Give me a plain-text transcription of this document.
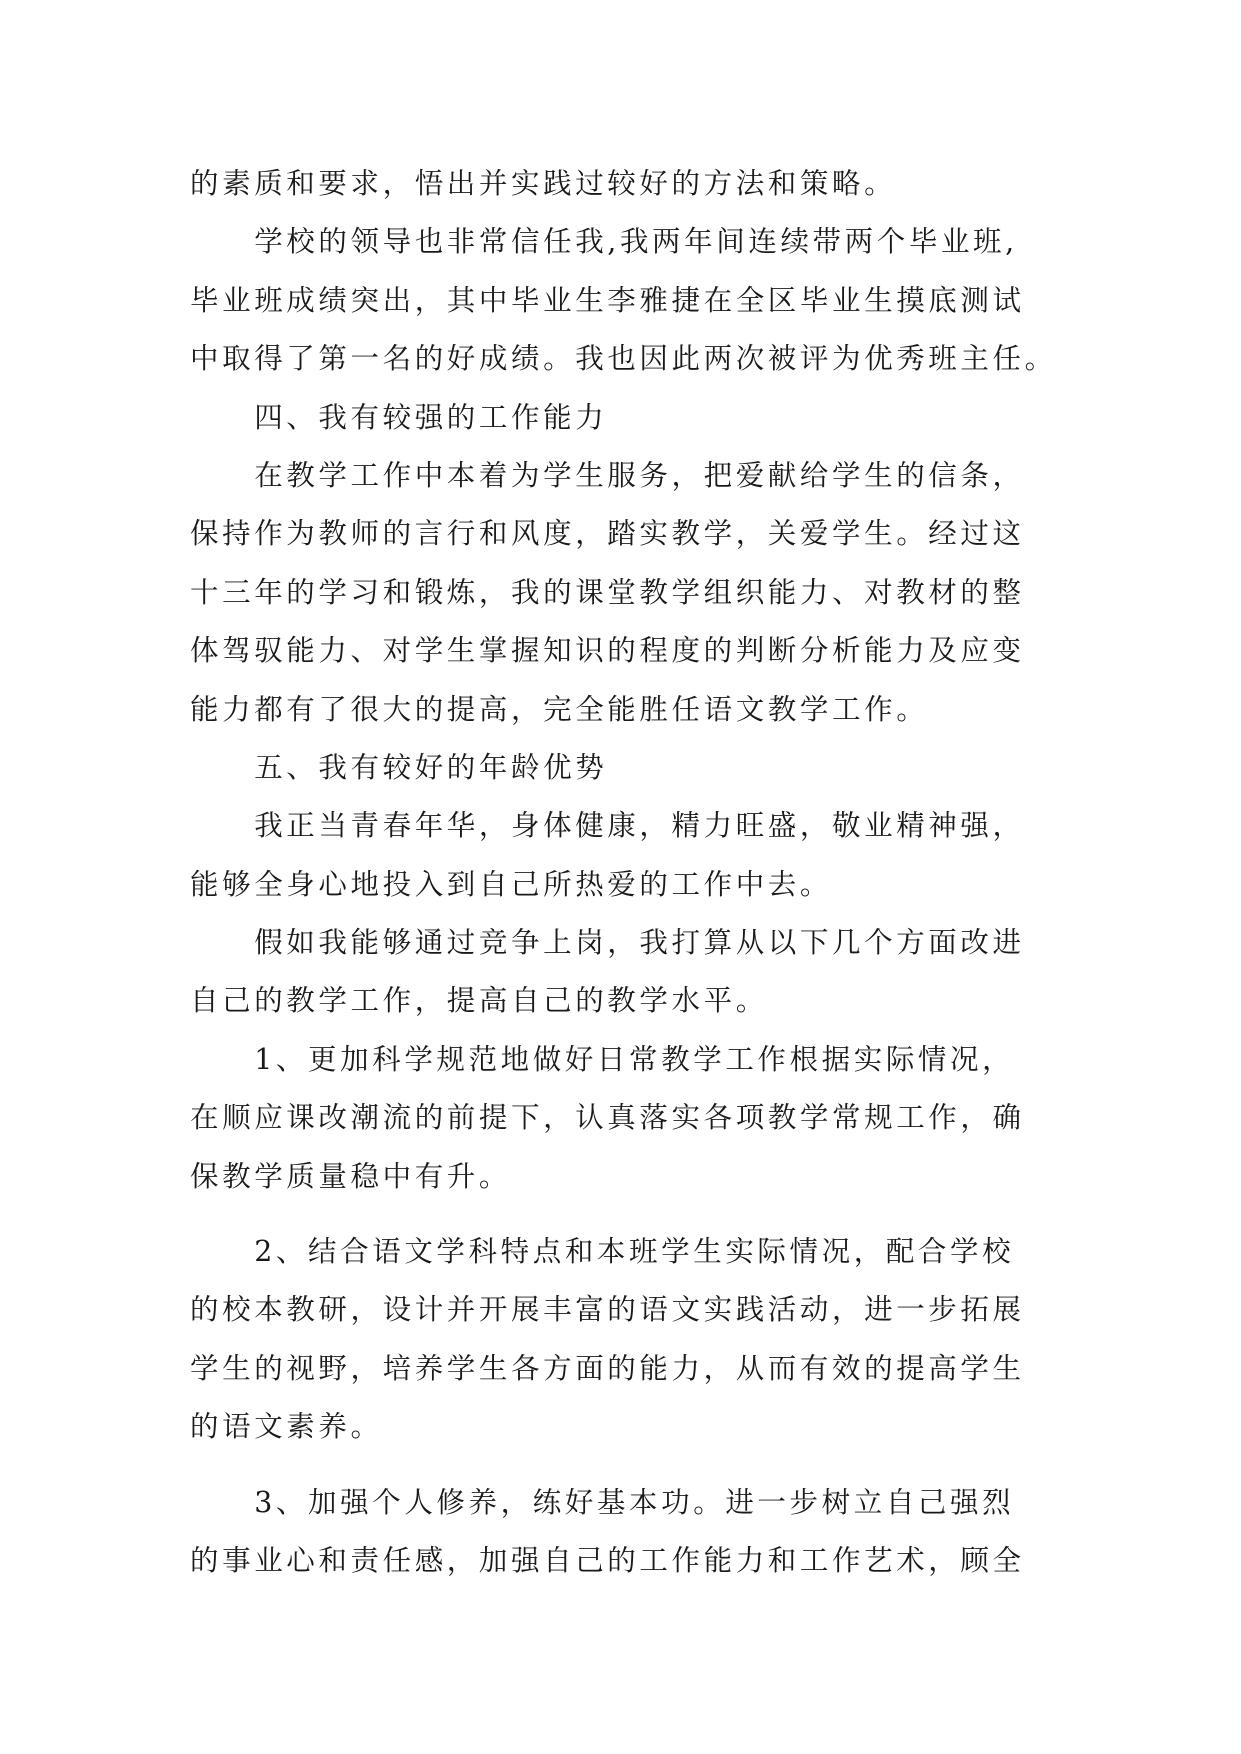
的素质和要求，悟出并实践过较好的方法和策略。
　　学校的领导也非常信任我,我两年间连续带两个毕业班,
毕业班成绩突出，其中毕业生李雅捷在全区毕业生摸底测试
中取得了第一名的好成绩。我也因此两次被评为优秀班主任。
　　四、我有较强的工作能力
　　在教学工作中本着为学生服务，把爱献给学生的信条，
保持作为教师的言行和风度，踏实教学，关爱学生。经过这
十三年的学习和锻炼，我的课堂教学组织能力、对教材的整
体驾驭能力、对学生掌握知识的程度的判断分析能力及应变
能力都有了很大的提高，完全能胜任语文教学工作。
　　五、我有较好的年龄优势
　　我正当青春年华，身体健康，精力旺盛，敬业精神强，
能够全身心地投入到自己所热爱的工作中去。
　　假如我能够通过竞争上岗，我打算从以下几个方面改进
自己的教学工作，提高自己的教学水平。
　　1、更加科学规范地做好日常教学工作根据实际情况，
在顺应课改潮流的前提下，认真落实各项教学常规工作，确
保教学质量稳中有升。
　　2、结合语文学科特点和本班学生实际情况，配合学校
的校本教研，设计并开展丰富的语文实践活动，进一步拓展
学生的视野，培养学生各方面的能力，从而有效的提高学生
的语文素养。
　　3、加强个人修养，练好基本功。进一步树立自己强烈
的事业心和责任感，加强自己的工作能力和工作艺术，顾全
